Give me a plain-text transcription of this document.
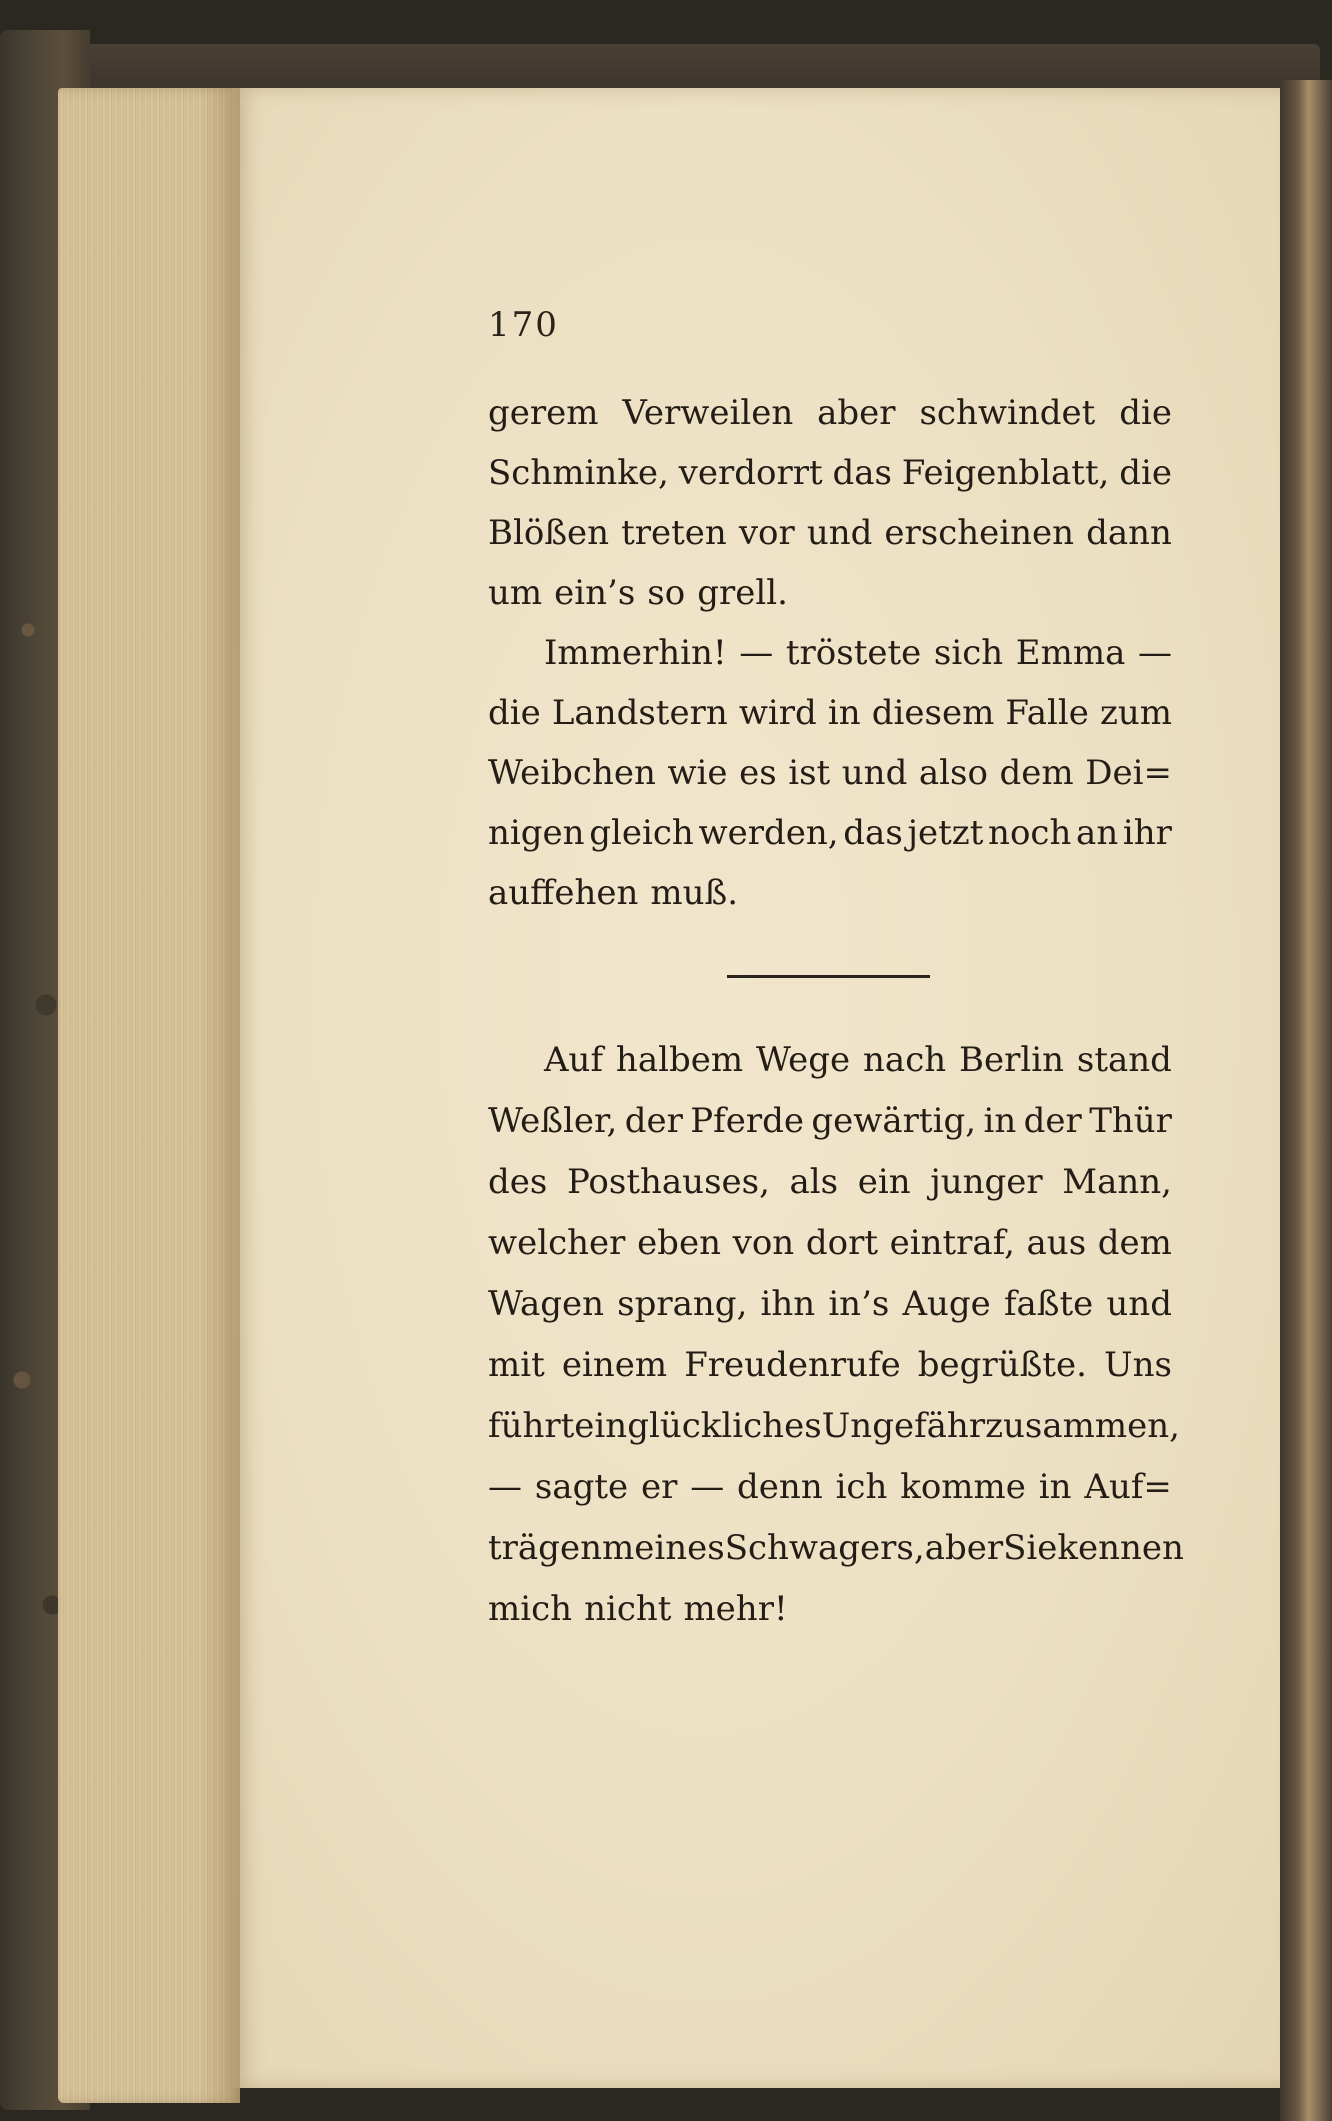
170
gerem Verweilen aber schwindet die
Schminke, verdorrt das Feigenblatt, die
Blößen treten vor und erscheinen dann
um ein’s so grell.
Immerhin! — tröstete sich Emma —
die Landstern wird in diesem Falle zum
Weibchen wie es ist und also dem Dei=
nigen gleich werden, das jetzt noch an ihr
auffehen muß.
Auf halbem Wege nach Berlin stand
Weßler, der Pferde gewärtig, in der Thür
des Posthauses, als ein junger Mann,
welcher eben von dort eintraf, aus dem
Wagen sprang, ihn in’s Auge faßte und
mit einem Freudenrufe begrüßte. Uns
führt ein glückliches Ungefähr zusammen,
— sagte er — denn ich komme in Auf=
trägen meines Schwagers, aber Sie kennen
mich nicht mehr!
